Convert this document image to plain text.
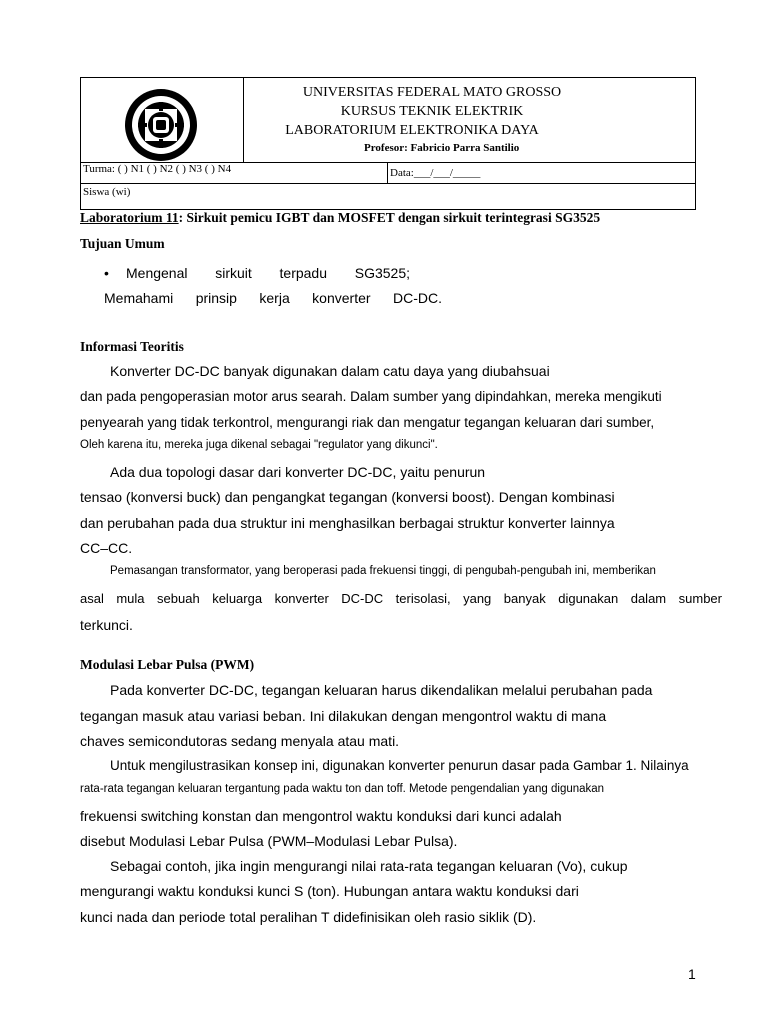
UNIVERSITAS FEDERAL MATO GROSSO
KURSUS TEKNIK ELEKTRIK
LABORATORIUM ELEKTRONIKA DAYA
Profesor: Fabricio Parra Santilio
Turma: ( ) N1 ( ) N2 ( ) N3 ( ) N4	Data:___/___/_____
Siswa (wi)
Laboratorium 11: Sirkuit pemicu IGBT dan MOSFET dengan sirkuit terintegrasi SG3525
Tujuan Umum
• Mengenal sirkuit terpadu SG3525;
Memahami prinsip kerja konverter DC-DC.
Informasi Teoritis
Konverter DC-DC banyak digunakan dalam catu daya yang diubahsuai
dan pada pengoperasian motor arus searah. Dalam sumber yang dipindahkan, mereka mengikuti
penyearah yang tidak terkontrol, mengurangi riak dan mengatur tegangan keluaran dari sumber,
Oleh karena itu, mereka juga dikenal sebagai "regulator yang dikunci".
Ada dua topologi dasar dari konverter DC-DC, yaitu penurun
tensao (konversi buck) dan pengangkat tegangan (konversi boost). Dengan kombinasi
dan perubahan pada dua struktur ini menghasilkan berbagai struktur konverter lainnya
CC–CC.
Pemasangan transformator, yang beroperasi pada frekuensi tinggi, di pengubah-pengubah ini, memberikan
asal mula sebuah keluarga konverter DC-DC terisolasi, yang banyak digunakan dalam sumber
terkunci.
Modulasi Lebar Pulsa (PWM)
Pada konverter DC-DC, tegangan keluaran harus dikendalikan melalui perubahan pada
tegangan masuk atau variasi beban. Ini dilakukan dengan mengontrol waktu di mana
chaves semicondutoras sedang menyala atau mati.
Untuk mengilustrasikan konsep ini, digunakan konverter penurun dasar pada Gambar 1. Nilainya
rata-rata tegangan keluaran tergantung pada waktu ton dan toff. Metode pengendalian yang digunakan
frekuensi switching konstan dan mengontrol waktu konduksi dari kunci adalah
disebut Modulasi Lebar Pulsa (PWM–Modulasi Lebar Pulsa).
Sebagai contoh, jika ingin mengurangi nilai rata-rata tegangan keluaran (Vo), cukup
mengurangi waktu konduksi kunci S (ton). Hubungan antara waktu konduksi dari
kunci nada dan periode total peralihan T didefinisikan oleh rasio siklik (D).
1
